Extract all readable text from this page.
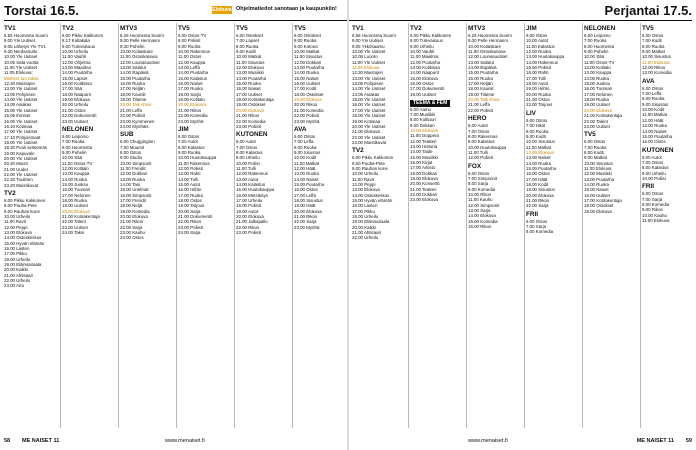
Torstai 16.5.	Elokuva Ohjelmatiedot sanotaan ja kaupunkiin!	Perjantai 17.5.
TV1
5.55 Huomenta Suomi
9.00 Yle Uutiset
9.05 Lähetys Yle TV1
9.30 Nerdsesuttu
10.00 Yle Uutiset
10.05 Sata vuotta
11.00 Yle Uutiset
11.05 Elokuva:
Mieheni tuo rakas
12.30 Muistojen
13.00 Yle Uutiset
13.05 Pohjoisen
14.00 Yle Uutiset
14.05 Asiakas
15.00 Yle Uutiset
15.05 Ihmiset
16.00 Yle Uutiset
16.10 Kotimaa
17.00 Yle Uutiset
17.10 Pohjoismaat
18.00 Yle Uutiset
18.30 Puoli seitsemän
19.00 Kapuvale
20.00 Yle Uutiset
20.30 Muisti
21.00 Uudet
22.00 Yle Uutiset
22.20 Tuulinen
23.20 Muistikuvat
TV2
6.00 Pikku Kakkonen
8.00 Puuha-Pete
9.00 Rauhan kone
10.00 Urheilu
11.00 Ravit
12.00 Peppi
13.00 Elokuva
14.00 Ostoskeskus
15.00 Hyvän elämän
16.00 Lasten
17.00 Pikku
18.00 Urheilu
19.00 Eläinsairaala
20.00 Kaikki
21.00 Ahtisaari
22.00 Urheilu
23.00 Arto
TV2
6.00 Pikku Kakkonen
8.17 Kultakala
9.00 Tulevaisuus
10.00 Urheilu
11.00 Vauhti
12.00 Ohjelma
13.00 Maailma
14.00 Puutarha
15.00 Lapset
16.00 Kotikissa
17.00 Sää
18.00 Naapurit
19.00 Elokuva
20.00 Urheilu
21.00 Ostos
22.00 Dokumentti
23.00 Uutiset
NELONEN
6.00 Leipomo
7.00 Ruoka
8.00 Huomenta
9.00 Puhelin
10.00 Sää
11.00 Ostos-TV
12.00 Kotitalo
13.00 Kauppa
14.00 Ruoka
15.00 Juoksu
16.00 Tuomari
17.00 Nelonen
18.00 Ruoka
19.00 Uutiset
20.00 Elokuva
21.00 Kotirakentaja
22.00 Talent
23.00 Uutiset
24.00 Taksi
MTV3
6.25 Huomenta Suomi
9.00 Pelle Hermanni
9.30 Puhelin
10.00 Kotiaskare
11.00 Ostoskanava
12.00 Lounasuutiset
13.00 Salatut
14.00 Iltapäivä
15.00 Puutarha
16.00 Ruoka
17.00 Neljän
18.00 Kauniit
19.00 Tilanne
20.00 Talk show
21.00 Leffa
22.00 Poliisit
23.00 Kymmenen
24.00 Myöhäis
SUB
6.00 Chuggington
7.00 Muumit
8.00 Ostos
9.00 Studio
10.00 Simpsonit
11.00 Frendit
12.00 Dokkari
13.00 Ruoka
14.00 Talo
15.00 Unelmat
16.00 Simpsonit
17.00 Frendit
18.00 Neljä
19.00 Komedia
20.00 Elokuva
21.00 Rikos
22.00 Sarja
23.00 Kauhu
24.00 Ostos
TV5
6.00 Ostos-TV
8.00 Poliisit
9.00 Ruoka
10.00 Rakennus
11.00 Ostos
12.00 Kauppa
13.00 Leffa
14.00 Puutarha
15.00 Kalastus
16.00 Naiset
17.00 Ruoka
18.00 Sarjis
19.00 Kotitalo
20.00 Elokuva
21.00 Rikos
22.00 Komedia
23.00 Myöhä
JIM
6.00 Ostos
7.00 Autot
8.00 Kalastus
9.00 Ruoka
10.00 Huutokauppa
11.00 Rakennus
12.00 Poliisit
13.00 Rahti
14.00 Tulli
15.00 Autot
16.00 Hiihto
17.00 Ruoka
18.00 Ostos
19.00 Tarjous
20.00 Sarja
21.00 Dokumentti
22.00 Rikos
23.00 Poliisit
24.00 Sarja
TV5
6.00 Ostokset
7.00 Lapset
8.00 Ruoka
9.00 Kodit
10.00 Matkat
11.00 Sisustus
12.00 Elokuva
13.00 Musiikki
14.00 Puutarha
15.00 Ruoka
16.00 Naiset
17.00 Uutiset
18.00 Kotirakentaja
19.00 Ostokset
20.00 Elokuva
21.00 Rikos
22.00 Komedia
23.00 Poliisit
KUTONEN
6.00 Autot
7.00 Ostos
8.00 Kalastus
9.00 Urheilu
10.00 Poliisi
11.00 Tulli
12.00 Rakennus
13.00 Autot
14.00 Kalastus
15.00 Huutokauppa
16.00 Metsästys
17.00 Urheilu
18.00 Poliisit
19.00 Autot
20.00 Elokuva
21.00 Jalkapallo
22.00 Rikos
23.00 Poliisit
TV5
6.00 Ostokset
8.00 Ruoka
9.00 Kotona
10.00 Matkat
11.00 Sisustus
12.00 Dokkari
13.00 Puutarha
14.00 Ruoka
15.00 Naiset
16.00 Uutiset
17.00 Kodit
18.00 Ostokset
19.00 Elokuva
20.00 Rikos
21.00 Komedia
22.00 Poliisit
23.00 Myöhä
AVA
6.00 Ostos
7.00 Leffa
8.00 Ruoka
9.00 Sisustus
10.00 Kodit
11.00 Matkat
12.00 Häät
13.00 Ruoka
14.00 Naiset
15.00 Puutarha
16.00 Ostos
17.00 Leffa
18.00 Sisustus
19.00 Häät
20.00 Elokuva
21.00 Rikos
22.00 Sarja
23.00 Myöhä
TV1
5.55 Huomenta Suomi
9.00 Yle Uutiset
9.05 Ykkösaamu
10.00 Yle Uutiset
10.05 Luonto
11.00 Yle Uutiset
11.05 Elokuva
12.30 Muistojen
13.00 Yle Uutiset
13.05 Pohjoisen
14.00 Yle Uutiset
14.05 Asiakas
15.00 Yle Uutiset
16.00 Yle Uutiset
17.00 Yle Uutiset
18.00 Yle Uutiset
19.00 Kotimaa
20.00 Yle Uutiset
21.00 Elokuva
22.00 Yle Uutiset
23.00 Muistikuvat
TV2
6.00 Pikku Kakkonen
8.00 Puuha-Pete
9.00 Rauhan kone
10.00 Urheilu
11.00 Ravit
12.00 Peppi
13.00 Elokuva
14.00 Ostoskeskus
15.00 Hyvän elämän
16.00 Lasten
17.00 Pikku
18.00 Urheilu
19.00 Eläinsairaala
20.00 Kaikki
21.00 Ahtisaari
22.00 Urheilu
TV2
6.00 Pikku Kakkonen
8.00 Tulevaisuus
9.00 Urheilu
10.00 Vauhti
11.00 Maailma
12.00 Puutarha
13.00 Kotikissa
14.00 Naapurit
15.00 Elokuva
16.00 Ostos
17.00 Dokumentti
18.00 Uutiset
TEEMA & FEM
6.00 Aamu
7.00 Musiikki
8.00 Kulttuuri
9.00 Dokkari
10.00 Elokuva
11.00 Ooppera
12.00 Teatteri
13.00 Historia
14.00 Taide
15.00 Musiikki
16.00 Kirjat
17.00 Arkisto
18.00 Dokkari
19.00 Elokuva
20.00 Konsertti
21.00 Teatteri
22.00 Dokkari
23.00 Elokuva
MTV3
6.25 Huomenta Suomi
9.00 Pelle Hermanni
10.00 Kotiaskare
11.00 Ostoskanava
12.00 Lounasuutiset
13.00 Salatut
14.00 Iltapäivä
15.00 Puutarha
16.00 Ruoka
17.00 Neljän
18.00 Kauniit
19.00 Tilanne
20.00 Talk show
21.00 Leffa
22.00 Poliisit
HERO
6.00 Autot
7.00 Ostos
8.00 Rakennus
9.00 Kalastus
10.00 Huutokauppa
11.00 Tulli
12.00 Poliisit
FOX
6.00 Ostos
7.00 Simpsonit
8.00 Sarja
9.00 Komedia
10.00 Rikos
11.00 Kauhu
12.00 Simpsonit
13.00 Sarja
14.00 Elokuva
15.00 Komedia
16.00 Rikos
JIM
9.00 Ostos
10.00 Autot
11.00 Kalastus
12.00 Ruoka
13.00 Huutokauppa
14.00 Rakennus
15.00 Poliisit
16.00 Rahti
17.00 Tulli
18.00 Autot
19.00 Hiihto
20.00 Ruoka
21.00 Ostos
22.00 Tarjous
LIV
6.00 Ostos
7.00 Häät
8.00 Ruoka
9.00 Kodit
10.00 Sisustus
11.00 Matkat
12.00 Elokuva
13.00 Naiset
14.00 Ruoka
15.00 Puutarha
16.00 Ostos
17.00 Häät
18.00 Kodit
19.00 Sisustus
20.00 Elokuva
21.00 Rikos
22.00 Sarja
FRII
6.00 Ostos
7.00 Sarja
8.00 Komedia
NELONEN
6.00 Leipomo
7.00 Ruoka
8.00 Huomenta
9.00 Puhelin
10.00 Sää
11.00 Ostos-TV
12.00 Kotitalo
13.00 Kauppa
14.00 Ruoka
15.00 Juoksu
16.00 Tuomari
17.00 Nelonen
18.00 Ruoka
19.00 Uutiset
20.00 Elokuva
21.00 Kotirakentaja
22.00 Talent
23.00 Uutiset
TV5
6.00 Ostos
7.00 Ruoka
8.00 Kodit
9.00 Matkat
10.00 Sisustus
11.00 Elokuva
12.00 Musiikki
13.00 Puutarha
14.00 Ruoka
15.00 Naiset
16.00 Uutiset
17.00 Kotirakentaja
18.00 Ostokset
19.00 Elokuva
TV5
6.00 Ostos
7.00 Kodit
8.00 Ruoka
9.00 Matkat
10.00 Sisustus
11.00 Elokuva
12.00 Rikos
13.00 Komedia
AVA
6.00 Ostos
7.00 Leffa
8.00 Ruoka
9.00 Sisustus
10.00 Kodit
11.00 Matkat
12.00 Häät
13.00 Ruoka
14.00 Naiset
15.00 Puutarha
16.00 Ostos
KUTONEN
6.00 Autot
7.00 Ostos
8.00 Kalastus
9.00 Urheilu
10.00 Poliisi
FRII
6.00 Ostos
7.00 Sarja
8.00 Komedia
9.00 Rikos
10.00 Kauhu
11.00 Elokuva
58 ME NAISET 11	www.menaiset.fi	www.menaiset.fi	ME NAISET 11 59
